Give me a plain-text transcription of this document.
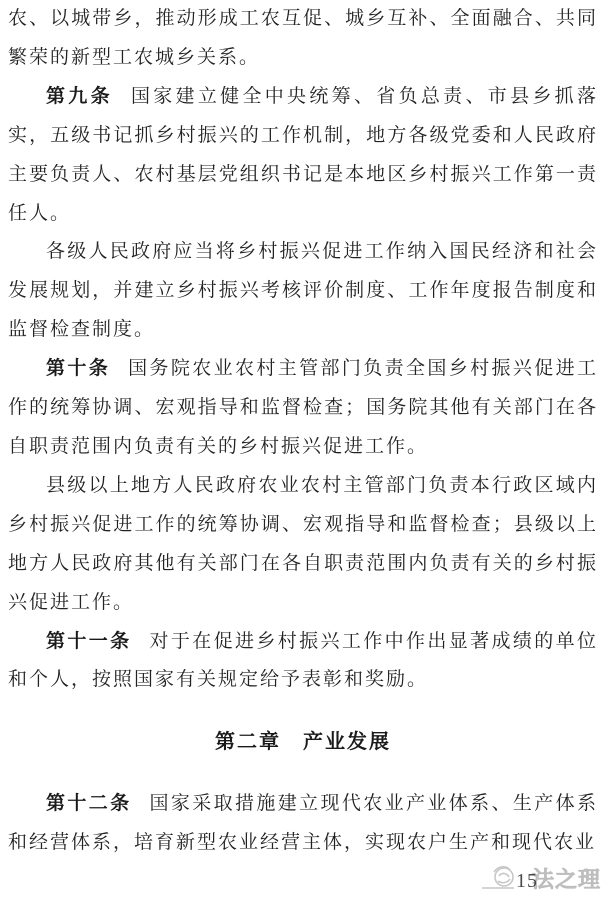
农、以城带乡，推动形成工农互促、城乡互补、全面融合、共同繁荣的新型工农城乡关系。

第九条 国家建立健全中央统筹、省负总责、市县乡抓落实，五级书记抓乡村振兴的工作机制，地方各级党委和人民政府主要负责人、农村基层党组织书记是本地区乡村振兴工作第一责任人。

各级人民政府应当将乡村振兴促进工作纳入国民经济和社会发展规划，并建立乡村振兴考核评价制度、工作年度报告制度和监督检查制度。

第十条 国务院农业农村主管部门负责全国乡村振兴促进工作的统筹协调、宏观指导和监督检查；国务院其他有关部门在各自职责范围内负责有关的乡村振兴促进工作。

县级以上地方人民政府农业农村主管部门负责本行政区域内乡村振兴促进工作的统筹协调、宏观指导和监督检查；县级以上地方人民政府其他有关部门在各自职责范围内负责有关的乡村振兴促进工作。

第十一条 对于在促进乡村振兴工作中作出显著成绩的单位和个人，按照国家有关规定给予表彰和奖励。

第二章　产业发展

第十二条 国家采取措施建立现代农业产业体系、生产体系和经营体系，培育新型农业经营主体，实现农户生产和现代农业

15
法之理
